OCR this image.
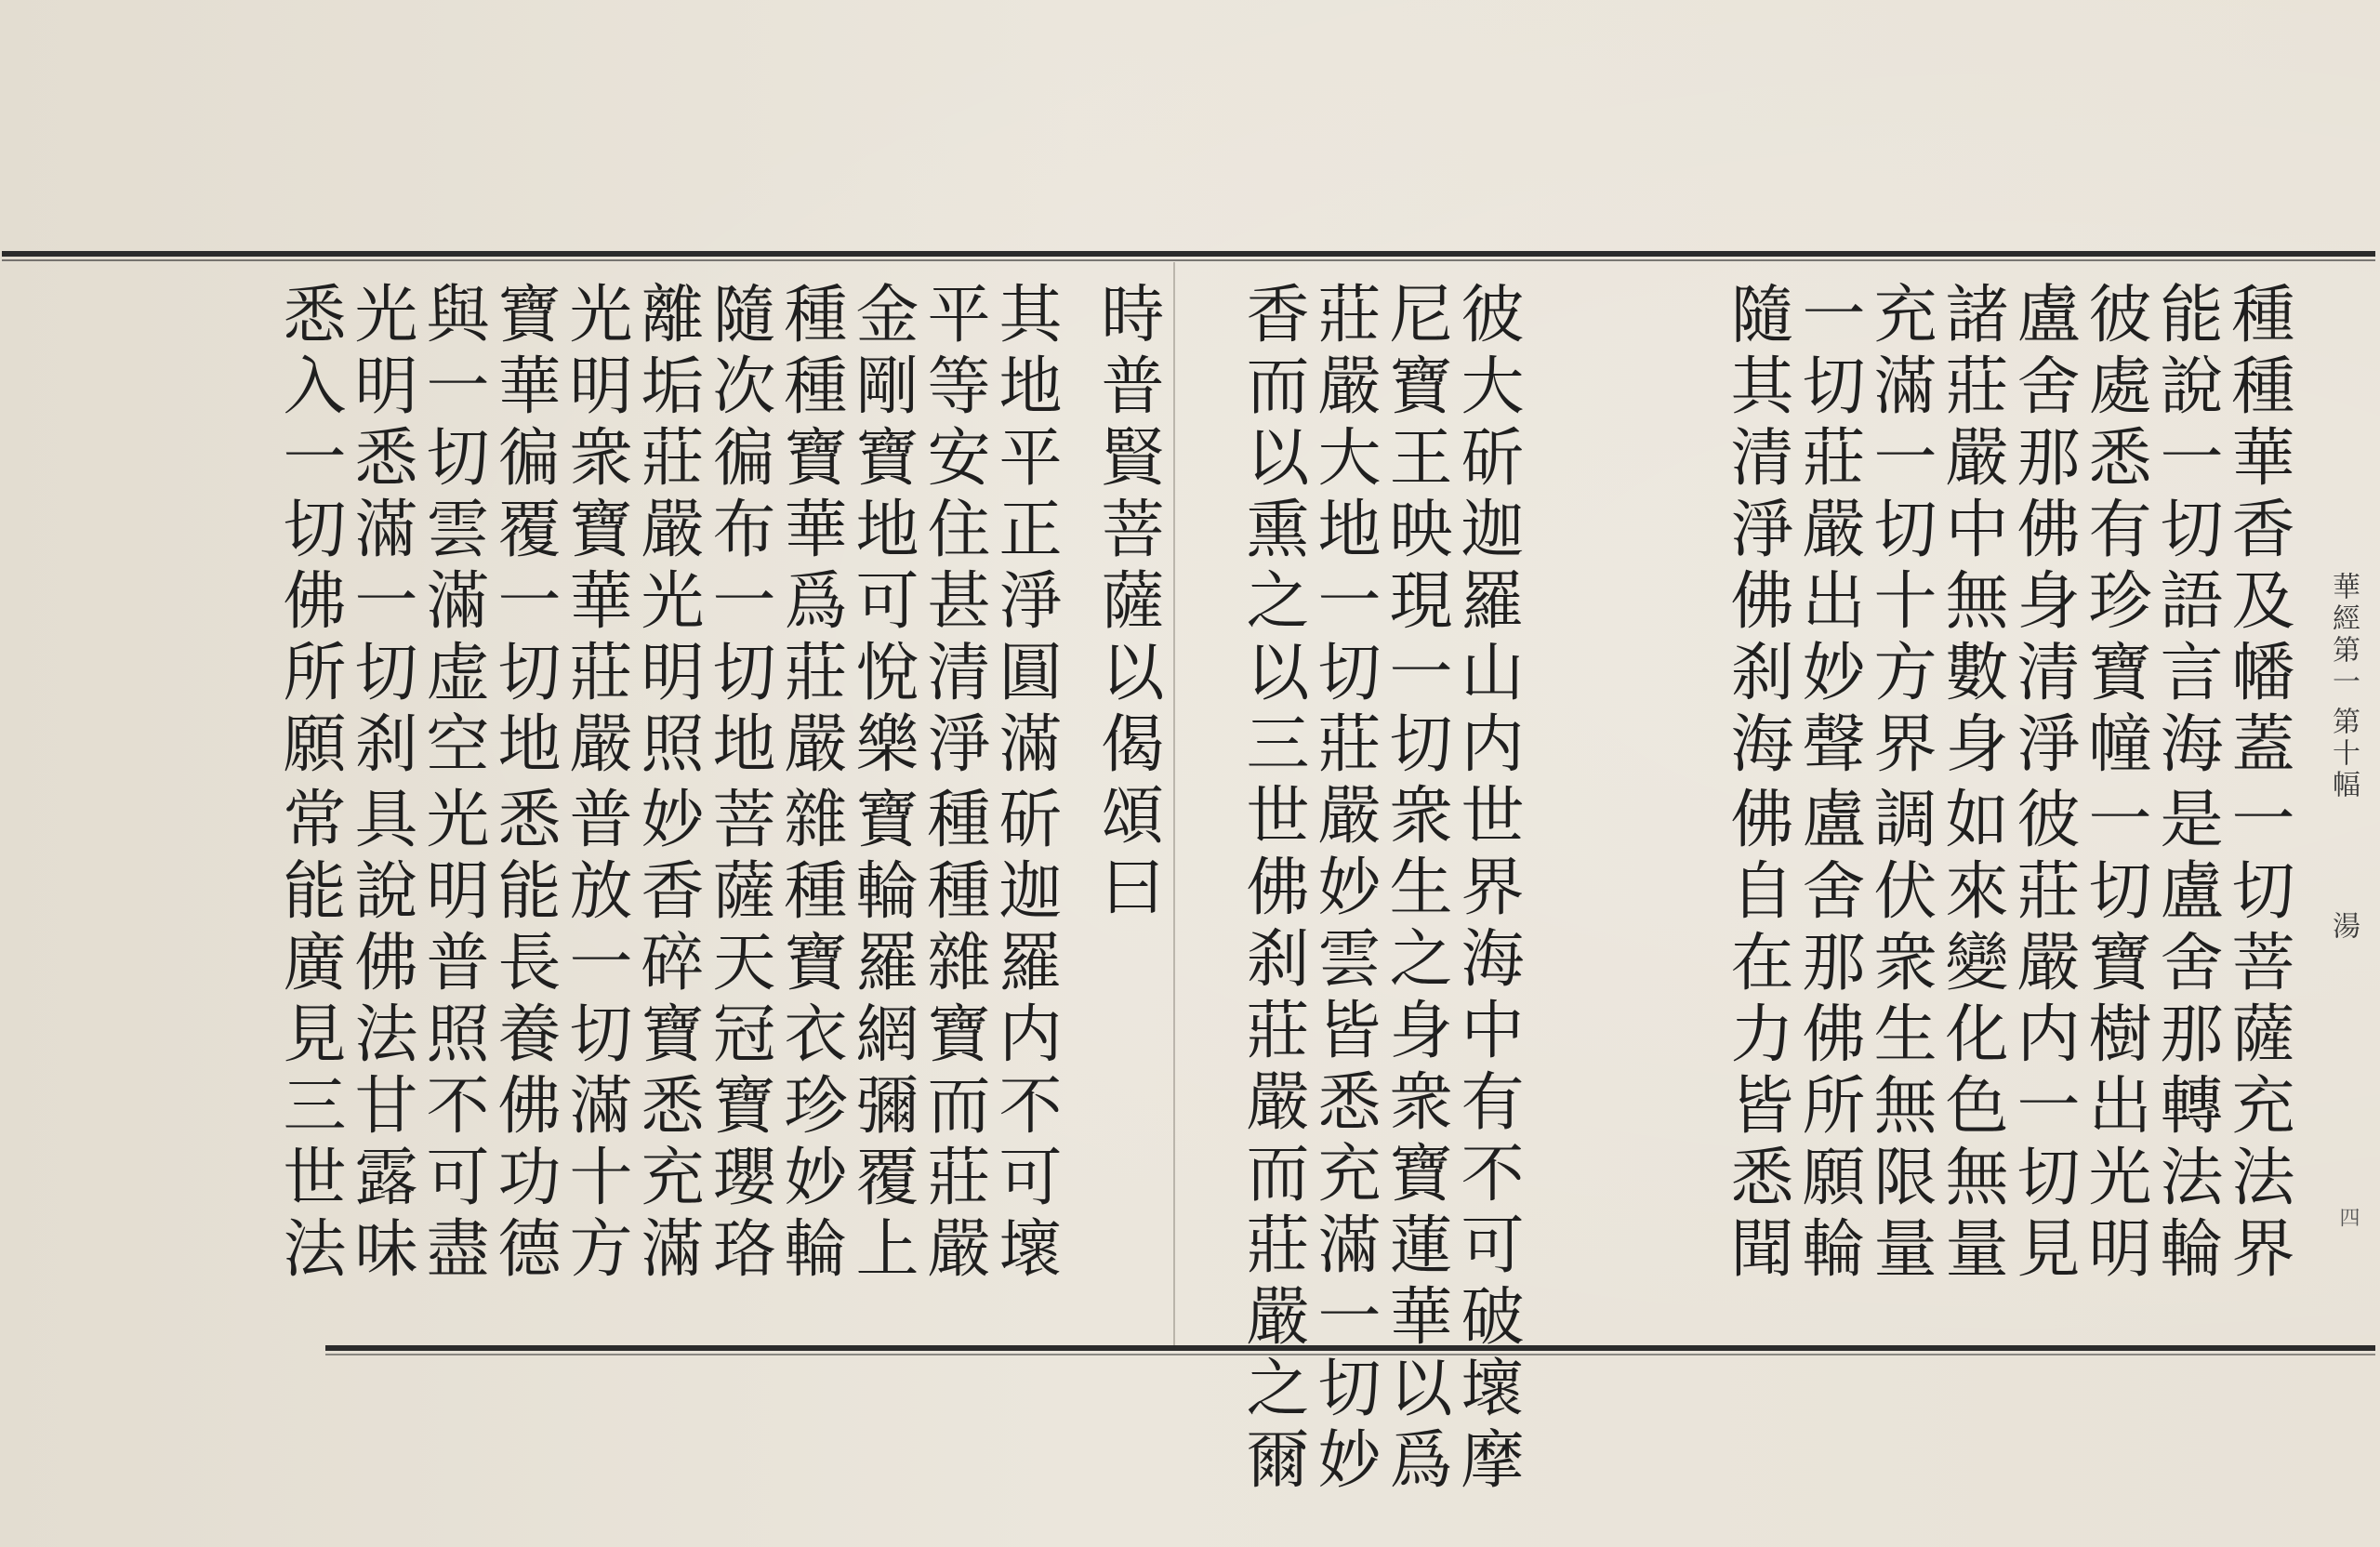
華經第一
第十幅
湯
四
種種華香及幡蓋
能說一切語言海
彼處悉有珍寶幢
盧舍那佛身清淨
諸莊嚴中無數身
充滿一切十方界
一切莊嚴出妙聲
隨其清淨佛刹海
彼大斫迦羅山内世界海中有不可破壞摩
尼寶王映現一切衆生之身衆寶蓮華以爲
莊嚴大地一切莊嚴妙雲皆悉充滿一切妙
香而以熏之以三世佛刹莊嚴而莊嚴之爾
時普賢菩薩以偈頌曰
其地平正淨圓滿
平等安住甚清淨
金剛寶地可悅樂
種種寶華爲莊嚴
隨次徧布一切地
離垢莊嚴光明照
光明衆寶華莊嚴
寶華徧覆一切地
與一切雲滿虚空
光明悉滿一切刹
悉入一切佛所願
一切菩薩充法界
是盧舍那轉法輪
一切寶樹出光明
彼莊嚴内一切見
如來變化色無量
調伏衆生無限量
盧舍那佛所願輪
佛自在力皆悉聞
斫迦羅内不可壞
種種雜寶而莊嚴
寶輪羅網彌覆上
雜種寶衣珍妙輪
菩薩天冠寶瓔珞
妙香碎寶悉充滿
普放一切滿十方
悉能長養佛功德
光明普照不可盡
具說佛法甘露味
常能廣見三世法
